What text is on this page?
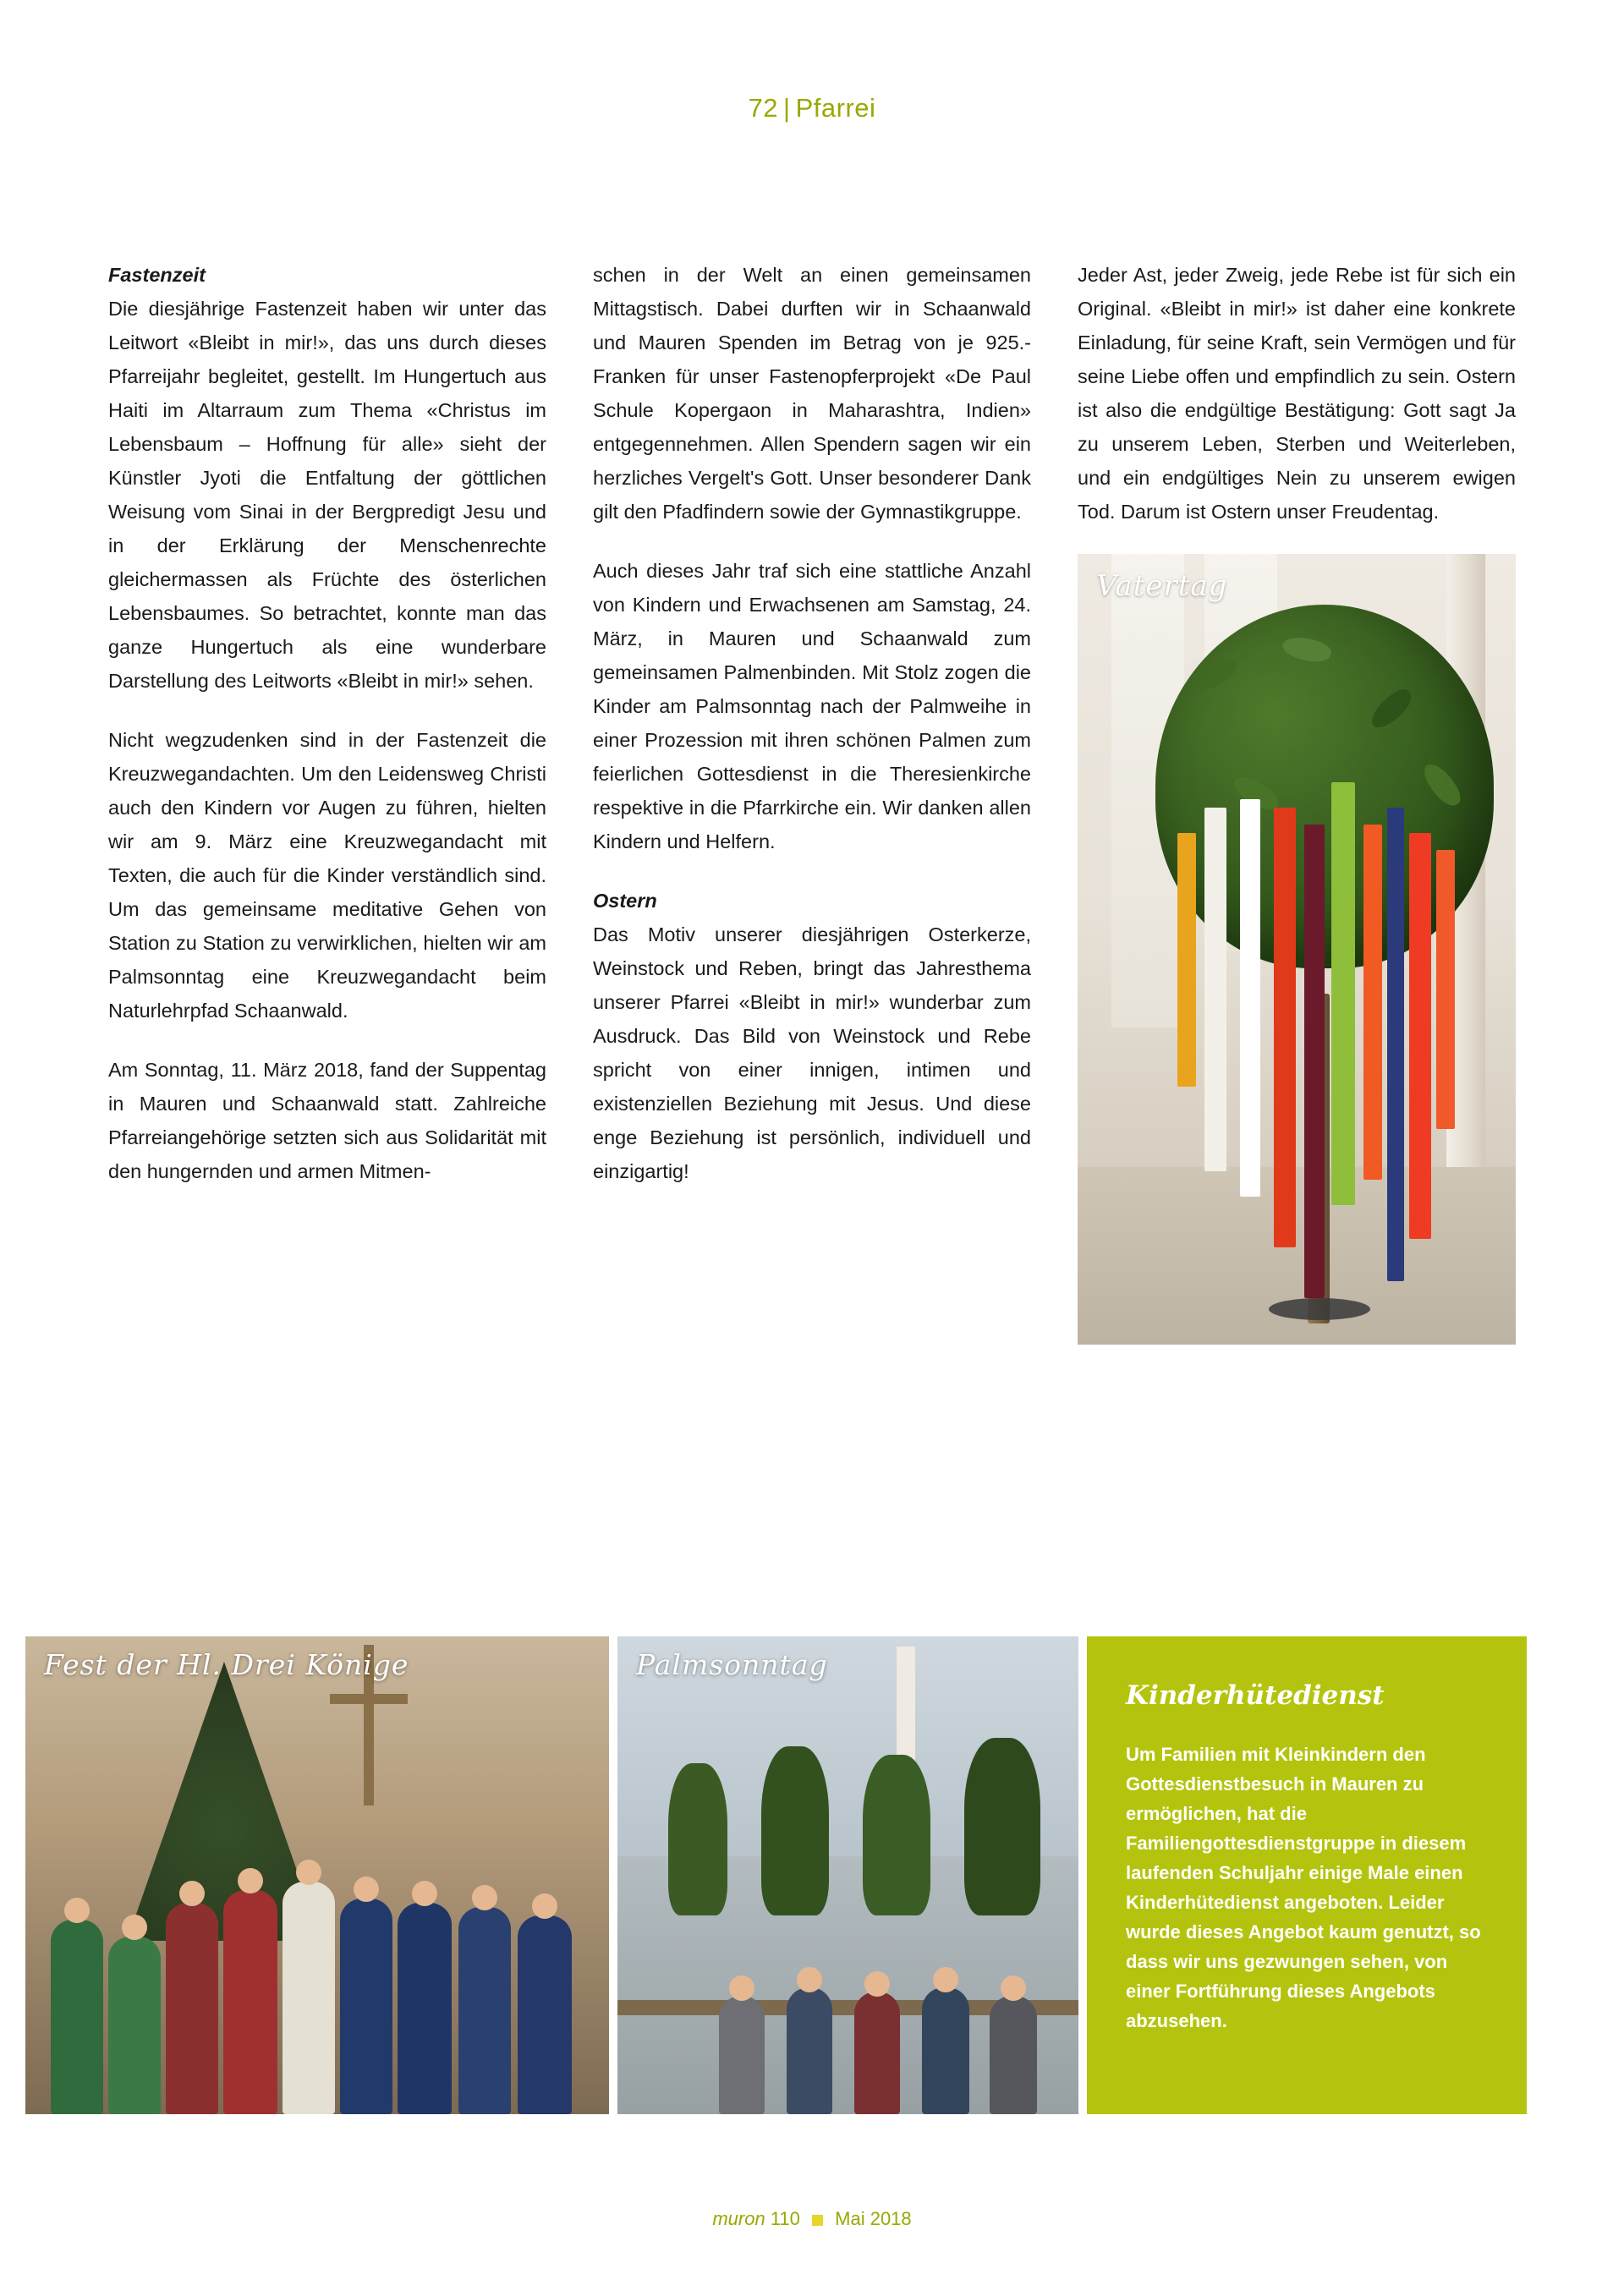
72 | Pfarrei
Fastenzeit

Die diesjährige Fastenzeit haben wir unter das Leitwort «Bleibt in mir!», das uns durch dieses Pfarreijahr begleitet, gestellt. Im Hungertuch aus Haiti im Altarraum zum Thema «Christus im Lebensbaum – Hoffnung für alle» sieht der Künstler Jyoti die Entfaltung der göttlichen Weisung vom Sinai in der Bergpredigt Jesu und in der Erklärung der Menschenrechte gleichermassen als Früchte des österlichen Lebensbaumes. So betrachtet, konnte man das ganze Hungertuch als eine wunderbare Darstellung des Leitworts «Bleibt in mir!» sehen.

Nicht wegzudenken sind in der Fastenzeit die Kreuzwegandachten. Um den Leidensweg Christi auch den Kindern vor Augen zu führen, hielten wir am 9. März eine Kreuzwegandacht mit Texten, die auch für die Kinder verständlich sind. Um das gemeinsame meditative Gehen von Station zu Station zu verwirklichen, hielten wir am Palmsonntag eine Kreuzwegandacht beim Naturlehrpfad Schaanwald.

Am Sonntag, 11. März 2018, fand der Suppentag in Mauren und Schaanwald statt. Zahlreiche Pfarreiangehörige setzten sich aus Solidarität mit den hungernden und armen Mitmen-

schen in der Welt an einen gemeinsamen Mittagstisch. Dabei durften wir in Schaanwald und Mauren Spenden im Betrag von je 925.- Franken für unser Fastenopferprojekt «De Paul Schule Kopergaon in Maharashtra, Indien» entgegennehmen. Allen Spendern sagen wir ein herzliches Vergelt's Gott. Unser besonderer Dank gilt den Pfadfindern sowie der Gymnastikgruppe.

Auch dieses Jahr traf sich eine stattliche Anzahl von Kindern und Erwachsenen am Samstag, 24. März, in Mauren und Schaanwald zum gemeinsamen Palmenbinden. Mit Stolz zogen die Kinder am Palmsonntag nach der Palmweihe in einer Prozession mit ihren schönen Palmen zum feierlichen Gottesdienst in die Theresienkirche respektive in die Pfarrkirche ein. Wir danken allen Kindern und Helfern.

Ostern

Das Motiv unserer diesjährigen Osterkerze, Weinstock und Reben, bringt das Jahresthema unserer Pfarrei «Bleibt in mir!» wunderbar zum Ausdruck. Das Bild von Weinstock und Rebe spricht von einer innigen, intimen und existenziellen Beziehung mit Jesus. Und diese enge Beziehung ist persönlich, individuell und einzigartig!

Jeder Ast, jeder Zweig, jede Rebe ist für sich ein Original. «Bleibt in mir!» ist daher eine konkrete Einladung, für seine Kraft, sein Vermögen und für seine Liebe offen und empfindlich zu sein. Ostern ist also die endgültige Bestätigung: Gott sagt Ja zu unserem Leben, Sterben und Weiterleben, und ein endgültiges Nein zu unserem ewigen Tod. Darum ist Ostern unser Freudentag.

Vatertag
Fest der Hl. Drei Könige	Palmsonntag
Kinderhütedienst

Um Familien mit Kleinkindern den Gottesdienstbesuch in Mauren zu ermöglichen, hat die Familiengottesdienstgruppe in diesem laufenden Schuljahr einige Male einen Kinderhütedienst angeboten. Leider wurde dieses Angebot kaum genutzt, so dass wir uns gezwungen sehen, von einer Fortführung dieses Angebots abzusehen.

muron 110 Mai 2018
